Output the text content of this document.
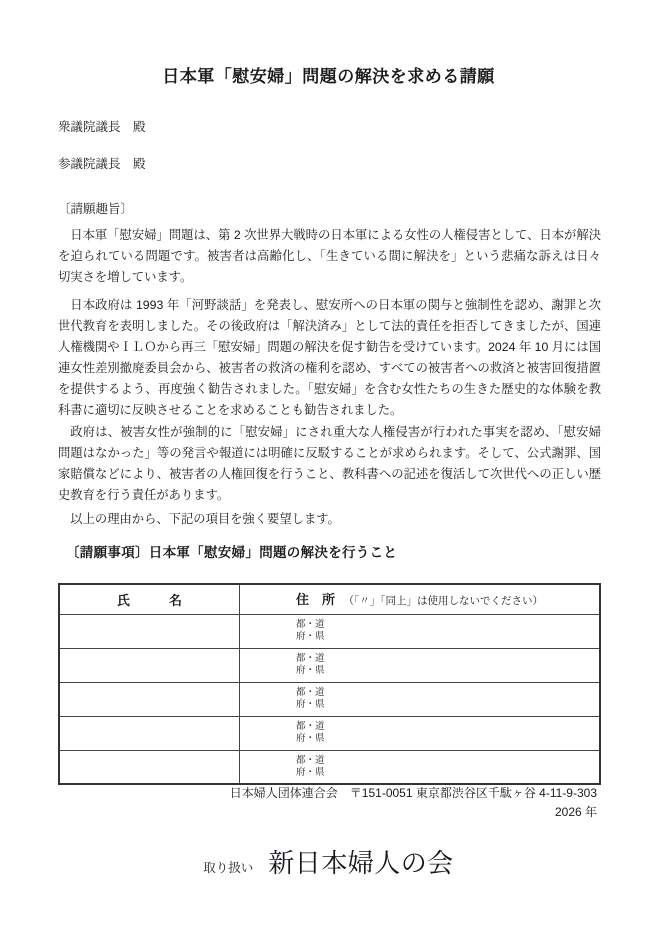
日本軍「慰安婦」問題の解決を求める請願
衆議院議長　殿
参議院議長　殿
〔請願趣旨〕

日本軍「慰安婦」問題は、第 2 次世界大戦時の日本軍による女性の人権侵害として、日本が解決を迫られている問題です。被害者は高齢化し、「生きている間に解決を」という悲痛な訴えは日々切実さを増しています。

日本政府は 1993 年「河野談話」を発表し、慰安所への日本軍の関与と強制性を認め、謝罪と次世代教育を表明しました。その後政府は「解決済み」として法的責任を拒否してきましたが、国連人権機関やＩＬＯから再三「慰安婦」問題の解決を促す勧告を受けています。2024 年 10 月には国連女性差別撤廃委員会から、被害者の救済の権利を認め、すべての被害者への救済と被害回復措置を提供するよう、再度強く勧告されました。「慰安婦」を含む女性たちの生きた歴史的な体験を教科書に適切に反映させることを求めることも勧告されました。

政府は、被害女性が強制的に「慰安婦」にされ重大な人権侵害が行われた事実を認め、「慰安婦問題はなかった」等の発言や報道には明確に反駁することが求められます。そして、公式謝罪、国家賠償などにより、被害者の人権回復を行うこと、教科書への記述を復活して次世代への正しい歴史教育を行う責任があります。

以上の理由から、下記の項目を強く要望します。

〔請願事項〕日本軍「慰安婦」問題の解決を行うこと
氏　　　名	住　所 （「〃」「同上」は使用しないでください）

	都・道
府・県

	都・道
府・県

	都・道
府・県

	都・道
府・県

	都・道
府・県
日本婦人団体連合会　〒151-0051 東京都渋谷区千駄ヶ谷 4-11-9-303
2026 年
取り扱い 新日本婦人の会
